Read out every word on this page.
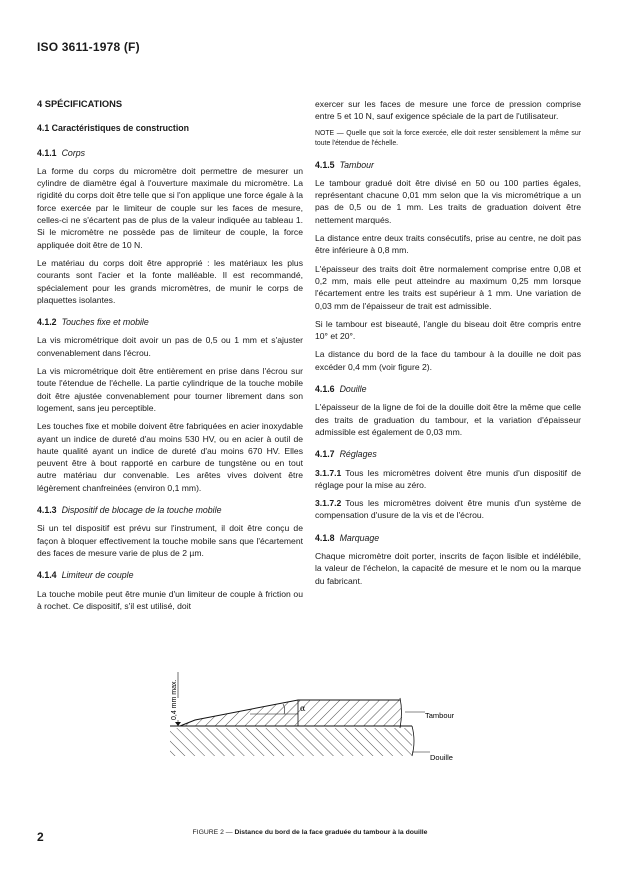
ISO 3611-1978 (F)
4 SPÉCIFICATIONS
4.1 Caractéristiques de construction
4.1.1 Corps

La forme du corps du micromètre doit permettre de mesurer un cylindre de diamètre égal à l'ouverture maximale du micromètre. La rigidité du corps doit être telle que si l'on applique une force égale à la force exercée par le limiteur de couple sur les faces de mesure, celles-ci ne s'écartent pas de plus de la valeur indiquée au tableau 1. Si le micromètre ne possède pas de limiteur de couple, la force appliquée doit être de 10 N.

Le matériau du corps doit être approprié : les matériaux les plus courants sont l'acier et la fonte malléable. Il est recommandé, spécialement pour les grands micromètres, de munir le corps de plaquettes isolantes.

4.1.2 Touches fixe et mobile

La vis micrométrique doit avoir un pas de 0,5 ou 1 mm et s'ajuster convenablement dans l'écrou.

La vis micrométrique doit être entièrement en prise dans l'écrou sur toute l'étendue de l'échelle. La partie cylindrique de la touche mobile doit être ajustée convenablement pour tourner librement dans son logement, sans jeu perceptible.

Les touches fixe et mobile doivent être fabriquées en acier inoxydable ayant un indice de dureté d'au moins 530 HV, ou en acier à outil de haute qualité ayant un indice de dureté d'au moins 670 HV. Elles peuvent être à bout rapporté en carbure de tungstène ou en tout autre matériau dur convenable. Les arêtes vives doivent être légèrement chanfreinées (environ 0,1 mm).

4.1.3 Dispositif de blocage de la touche mobile

Si un tel dispositif est prévu sur l'instrument, il doit être conçu de façon à bloquer effectivement la touche mobile sans que l'écartement des faces de mesure varie de plus de 2 µm.

4.1.4 Limiteur de couple

La touche mobile peut être munie d'un limiteur de couple à friction ou à rochet. Ce dispositif, s'il est utilisé, doit

exercer sur les faces de mesure une force de pression comprise entre 5 et 10 N, sauf exigence spéciale de la part de l'utilisateur.

NOTE — Quelle que soit la force exercée, elle doit rester sensiblement la même sur toute l'étendue de l'échelle.

4.1.5 Tambour

Le tambour gradué doit être divisé en 50 ou 100 parties égales, représentant chacune 0,01 mm selon que la vis micrométrique a un pas de 0,5 ou de 1 mm. Les traits de graduation doivent être nettement marqués.

La distance entre deux traits consécutifs, prise au centre, ne doit pas être inférieure à 0,8 mm.

L'épaisseur des traits doit être normalement comprise entre 0,08 et 0,2 mm, mais elle peut atteindre au maximum 0,25 mm lorsque l'écartement entre les traits est supérieur à 1 mm. Une variation de 0,03 mm de l'épaisseur de trait est admissible.

Si le tambour est biseauté, l'angle du biseau doit être compris entre 10° et 20°.

La distance du bord de la face du tambour à la douille ne doit pas excéder 0,4 mm (voir figure 2).

4.1.6 Douille

L'épaisseur de la ligne de foi de la douille doit être la même que celle des traits de graduation du tambour, et la variation d'épaisseur admissible est également de 0,03 mm.

4.1.7 Réglages

3.1.7.1 Tous les micromètres doivent être munis d'un dispositif de réglage pour la mise au zéro.

3.1.7.2 Tous les micromètres doivent être munis d'un système de compensation d'usure de la vis et de l'écrou.

4.1.8 Marquage

Chaque micromètre doit porter, inscrits de façon lisible et indélébile, la valeur de l'échelon, la capacité de mesure et le nom ou la marque du fabricant.

α
0,4 mm max.	Tambour
Douille
FIGURE 2 — Distance du bord de la face graduée du tambour à la douille
2
